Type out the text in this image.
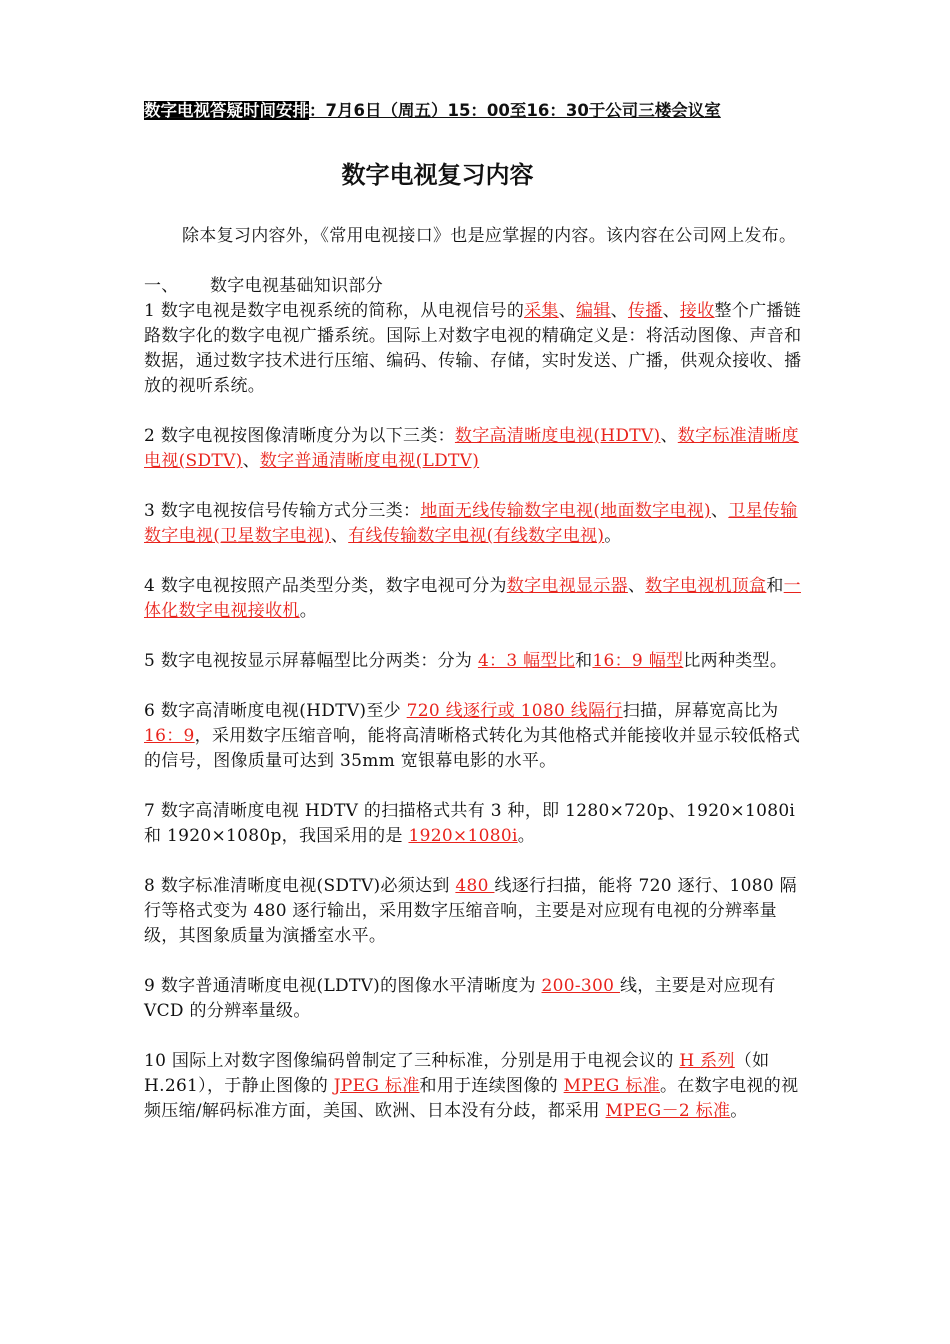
数字电视答疑时间安排：7月6日（周五）15：00至16：30于公司三楼会议室
数字电视复习内容

除本复习内容外，《常用电视接口》也是应掌握的内容。该内容在公司网上发布。

一、 数字电视基础知识部分

1 数字电视是数字电视系统的简称，从电视信号的采集、编辑、传播、接收整个广播链路数字化的数字电视广播系统。国际上对数字电视的精确定义是：将活动图像、声音和数据，通过数字技术进行压缩、编码、传输、存储，实时发送、广播，供观众接收、播放的视听系统。

2 数字电视按图像清晰度分为以下三类：数字高清晰度电视(HDTV)、数字标准清晰度电视(SDTV)、数字普通清晰度电视(LDTV)

3 数字电视按信号传输方式分三类：地面无线传输数字电视(地面数字电视)、卫星传输数字电视(卫星数字电视)、有线传输数字电视(有线数字电视)。

4 数字电视按照产品类型分类，数字电视可分为数字电视显示器、数字电视机顶盒和一体化数字电视接收机。

5 数字电视按显示屏幕幅型比分两类：分为 4：3 幅型比和16：9 幅型比两种类型。

6 数字高清晰度电视(HDTV)至少 720 线逐行或 1080 线隔行扫描，屏幕宽高比为 16：9，采用数字压缩音响，能将高清晰格式转化为其他格式并能接收并显示较低格式的信号，图像质量可达到 35mm 宽银幕电影的水平。

7 数字高清晰度电视 HDTV 的扫描格式共有 3 种，即 1280×720p、1920×1080i 和 1920×1080p，我国采用的是 1920×1080i。

8 数字标准清晰度电视(SDTV)必须达到 480 线逐行扫描，能将 720 逐行、1080 隔行等格式变为 480 逐行输出，采用数字压缩音响，主要是对应现有电视的分辨率量级，其图象质量为演播室水平。

9 数字普通清晰度电视(LDTV)的图像水平清晰度为 200-300 线，主要是对应现有 VCD 的分辨率量级。

10 国际上对数字图像编码曾制定了三种标准，分别是用于电视会议的 H 系列（如 H.261），于静止图像的 JPEG 标准和用于连续图像的 MPEG 标准。在数字电视的视频压缩/解码标准方面，美国、欧洲、日本没有分歧，都采用 MPEG－2 标准。
